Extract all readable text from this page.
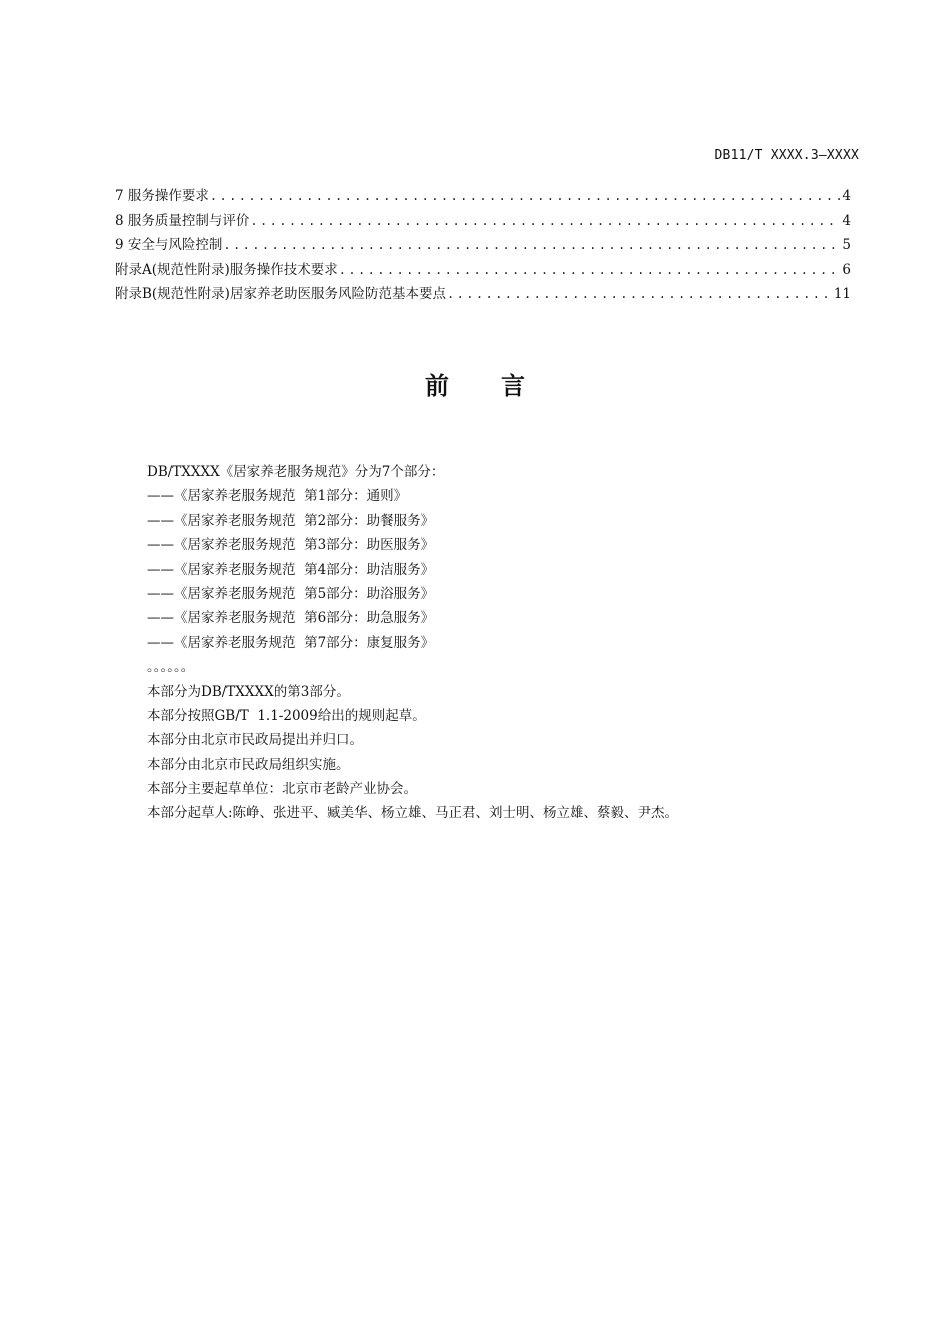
DB11/T XXXX.3—XXXX
7 服务操作要求 .....	4
8 服务质量控制与评价 .....	4
9 安全与风险控制 .....	5
附录A(规范性附录)服务操作技术要求 .....	6
附录B(规范性附录)居家养老助医服务风险防范基本要点 .....	11
前言
DB/TXXXX《居家养老服务规范》分为7个部分：
——《居家养老服务规范  第1部分：通则》
——《居家养老服务规范  第2部分：助餐服务》
——《居家养老服务规范  第3部分：助医服务》
——《居家养老服务规范  第4部分：助洁服务》
——《居家养老服务规范  第5部分：助浴服务》
——《居家养老服务规范  第6部分：助急服务》
——《居家养老服务规范  第7部分：康复服务》
。。。。。。
本部分为DB/TXXXX的第3部分。
本部分按照GB/T  1.1-2009给出的规则起草。
本部分由北京市民政局提出并归口。
本部分由北京市民政局组织实施。
本部分主要起草单位：北京市老龄产业协会。
本部分起草人:陈峥、张进平、臧美华、杨立雄、马正君、刘士明、杨立雄、蔡毅、尹杰。
